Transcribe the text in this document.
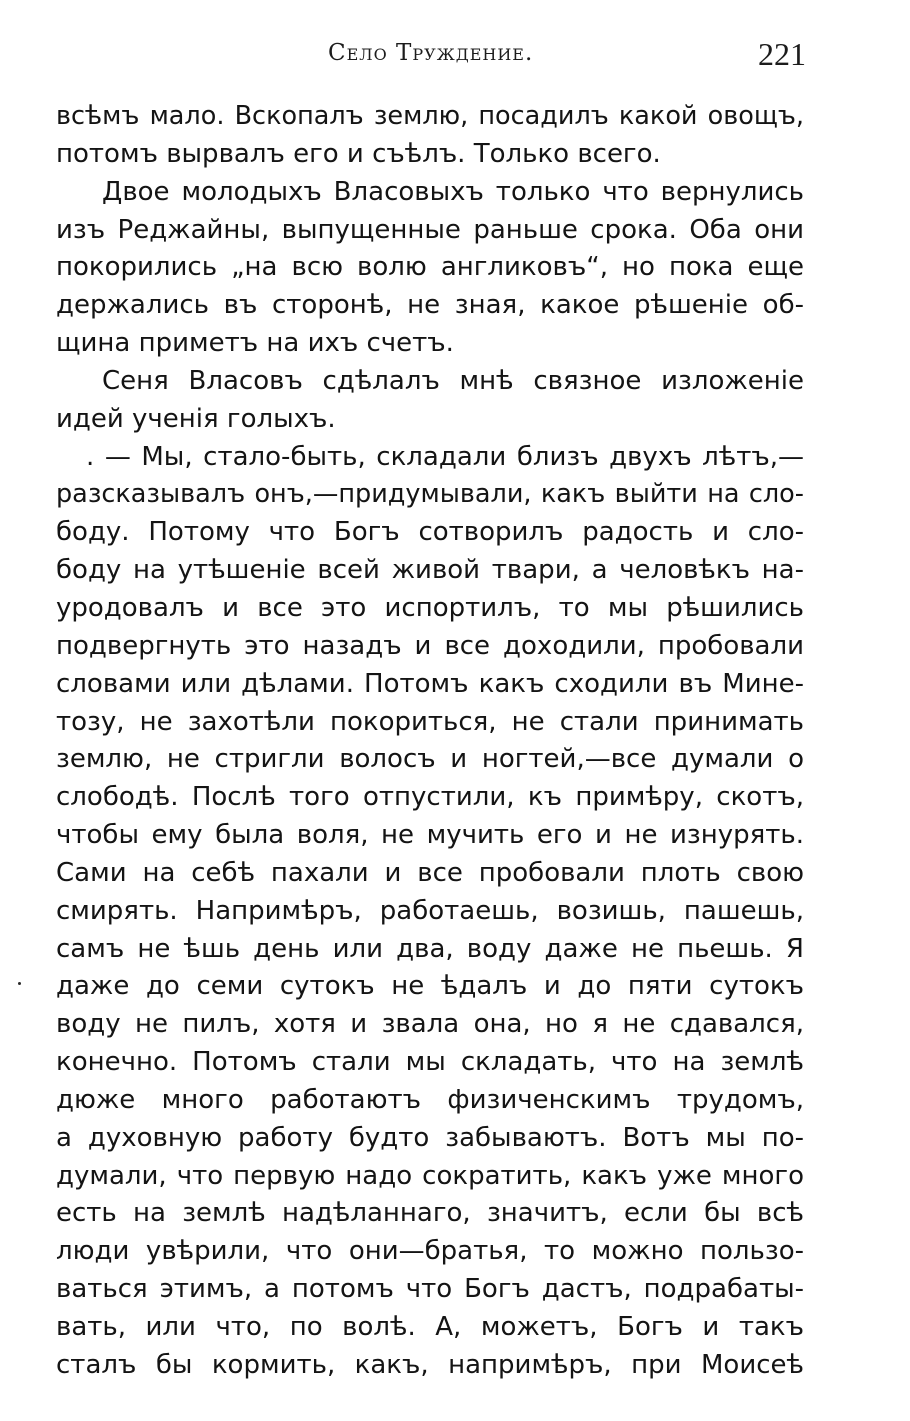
Село Труждение.	221
всѣмъ мало. Вскопалъ землю, посадилъ какой овощъ,
потомъ вырвалъ его и съѣлъ. Только всего.
Двое молодыхъ Власовыхъ только что вернулись
изъ Реджайны, выпущенные раньше срока. Оба они
покорились „на всю волю англиковъ“, но пока еще
держались въ сторонѣ, не зная, какое рѣшеніе об-
щина приметъ на ихъ счетъ.
Сеня Власовъ сдѣлалъ мнѣ связное изложеніе
идей ученія голыхъ.
. — Мы, стало-быть, складали близъ двухъ лѣтъ,—
разсказывалъ онъ,—придумывали, какъ выйти на сло-
боду. Потому что Богъ сотворилъ радость и сло-
боду на утѣшеніе всей живой твари, а человѣкъ на-
уродовалъ и все это испортилъ, то мы рѣшились
подвергнуть это назадъ и все доходили, пробовали
словами или дѣлами. Потомъ какъ сходили въ Мине-
тозу, не захотѣли покориться, не стали принимать
землю, не стригли волосъ и ногтей,—все думали о
слободѣ. Послѣ того отпустили, къ примѣру, скотъ,
чтобы ему была воля, не мучить его и не изнурять.
Сами на себѣ пахали и все пробовали плоть свою
смирять. Напримѣръ, работаешь, возишь, пашешь,
самъ не ѣшь день или два, воду даже не пьешь. Я
даже до семи сутокъ не ѣдалъ и до пяти сутокъ
воду не пилъ, хотя и звала она, но я не сдавался,
конечно. Потомъ стали мы складать, что на землѣ
дюже много работаютъ физиченскимъ трудомъ,
а духовную работу будто забываютъ. Вотъ мы по-
думали, что первую надо сократить, какъ уже много
есть на землѣ надѣланнаго, значитъ, если бы всѣ
люди увѣрили, что они—братья, то можно пользо-
ваться этимъ, а потомъ что Богъ дастъ, подрабаты-
вать, или что, по волѣ. А, можетъ, Богъ и такъ
сталъ бы кормить, какъ, напримѣръ, при Моисеѣ
